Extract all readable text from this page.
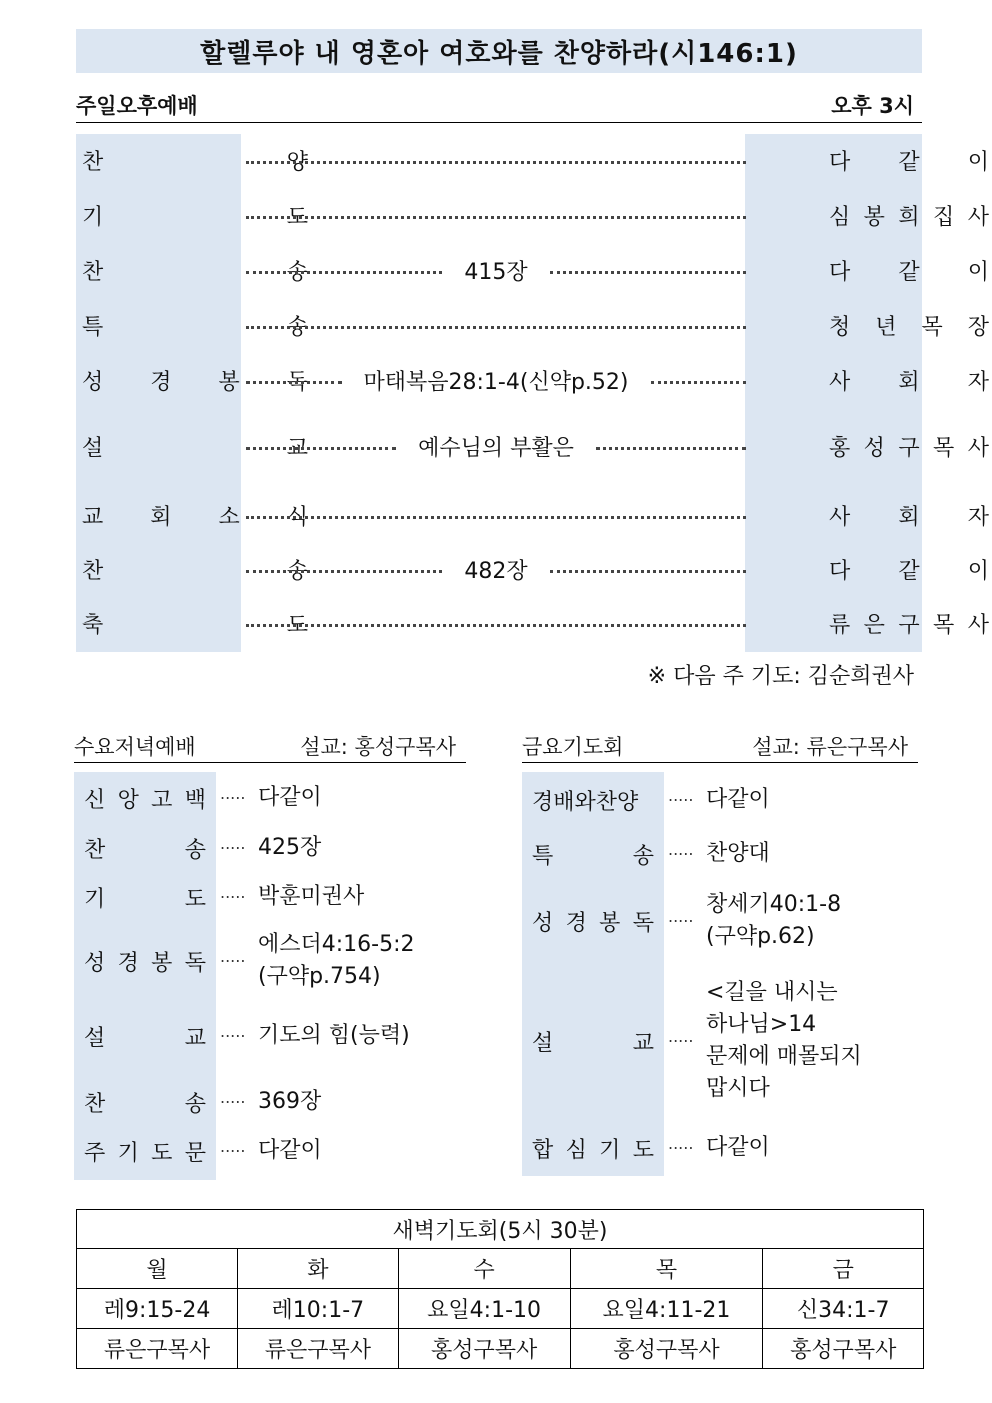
할렐루야 내 영혼아 여호와를 찬양하라(시146:1)
주일오후예배	오후 3시
찬	양	다 같 이
기	도	심 봉 희 집 사
찬	송	415장	다 같 이
특	송	청 년 목 장
성 경 봉 독	마태복음28:1-4(신약p.52)	사 회 자
설	교	예수님의 부활은	홍 성 구 목 사
교 회 소 식	사 회 자
찬	송	482장	다 같 이
축	도	류 은 구 목 사
※ 다음 주 기도: 김순희권사
수요저녁예배	설교: 홍성구목사	금요기도회	설교: 류은구목사
신 앙 고 백 ····· 다같이
찬	송 ····· 425장
기	도 ····· 박훈미권사
성 경 봉 독 ·····
에스더4:16-5:2
(구약p.754)
설	교 ····· 기도의 힘(능력)
찬	송 ····· 369장
주 기 도 문 ····· 다같이
경배와찬양 ····· 다같이
특	송 ····· 찬양대
성 경 봉 독 ·····
창세기40:1-8
(구약p.62)
설	교 ·····
<길을 내시는
하나님>14
문제에 매몰되지
맙시다
합 심 기 도 ····· 다같이
새벽기도회(5시 30분)				
월	화	수	목	금
레9:15-24	레10:1-7	요일4:1-10	요일4:11-21	신34:1-7
류은구목사	류은구목사	홍성구목사	홍성구목사	홍성구목사
